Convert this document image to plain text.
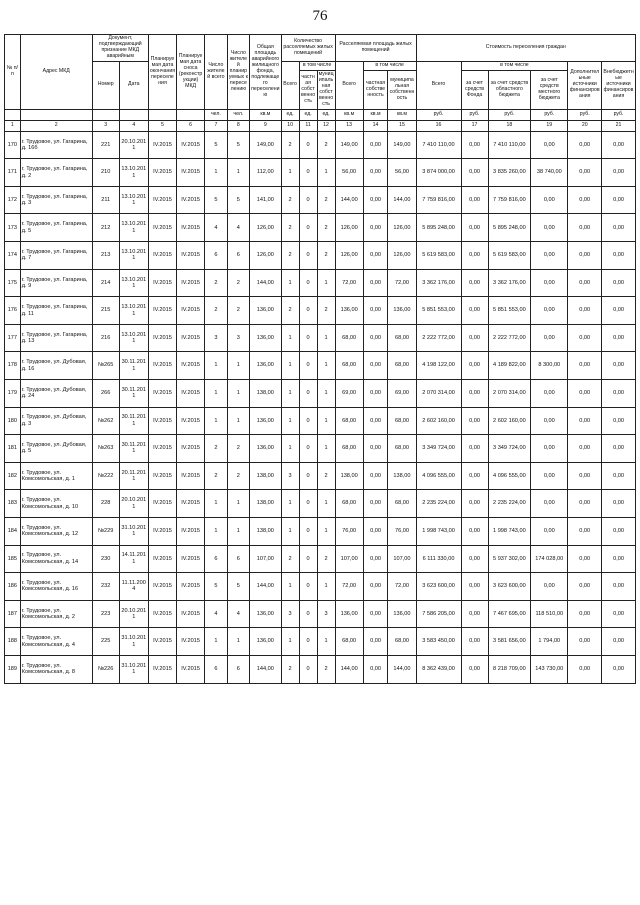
76
№ п/п	Адрес МКД	Документ, подтверждающий признание МКД аварийным		Планируемая дата окончания переселения	Планируемая дата сноса (реконструкции) МКД	Число жителей всего	Число жителей планируемых к переселению	Общая площадь аварийного жилищного фонда, подлежащего переселению	Количество расселяемых жилых помещений			Расселяемая площадь жилых помещений			Стоимость переселения граждан					
		Номер	Дата						Всего	в том числе		Всего	в том числе		Всего	в том числе			Дополнительные источники финансирования	Внебюджетные источники финансирования
										частная собственность	муниципальная собственность		частная собственность	муниципальная собственность		за счет средств Фонда	за счет средств областного бюджета	за счет средств местного бюджета		
						чел.	чел.	кв.м	ед.	ед.	ед.	кв.м	кв.м	кв.м	руб.	руб.	руб.	руб.	руб.	руб.
1	2	3	4	5	6	7	8	9	10	11	12	13	14	15	16	17	18	19	20	21
170	г. Трудовое, ул. Гагарина, д. 16б	221	20.10.2011	IV.2015	IV.2015	5	5	149,00	2	0	2	149,00	0,00	149,00	7 410 110,00	0,00	7 410 110,00	0,00	0,00	0,00
171	г. Трудовое, ул. Гагарина, д. 2	210	13.10.2011	IV.2015	IV.2015	1	1	112,00	1	0	1	56,00	0,00	56,00	3 874 000,00	0,00	3 835 260,00	38 740,00	0,00	0,00
172	г. Трудовое, ул. Гагарина, д. 3	211	13.10.2011	IV.2015	IV.2015	5	5	141,00	2	0	2	144,00	0,00	144,00	7 759 816,00	0,00	7 759 816,00	0,00	0,00	0,00
173	г. Трудовое, ул. Гагарина, д. 5	212	13.10.2011	IV.2015	IV.2015	4	4	126,00	2	0	2	126,00	0,00	126,00	5 895 248,00	0,00	5 895 248,00	0,00	0,00	0,00
174	г. Трудовое, ул. Гагарина, д. 7	213	13.10.2011	IV.2015	IV.2015	6	6	126,00	2	0	2	126,00	0,00	126,00	5 619 583,00	0,00	5 619 583,00	0,00	0,00	0,00
175	г. Трудовое, ул. Гагарина, д. 9	214	13.10.2011	IV.2015	IV.2015	2	2	144,00	1	0	1	72,00	0,00	72,00	3 362 176,00	0,00	3 362 176,00	0,00	0,00	0,00
176	г. Трудовое, ул. Гагарина, д. 11	215	13.10.2011	IV.2015	IV.2015	2	2	136,00	2	0	2	136,00	0,00	136,00	5 851 553,00	0,00	5 851 553,00	0,00	0,00	0,00
177	г. Трудовое, ул. Гагарина, д. 13	216	13.10.2011	IV.2015	IV.2015	3	3	136,00	1	0	1	68,00	0,00	68,00	2 222 772,00	0,00	2 222 772,00	0,00	0,00	0,00
178	г. Трудовое, ул. Дубовая, д. 16	№265	30.11.2011	IV.2015	IV.2015	1	1	136,00	1	0	1	68,00	0,00	68,00	4 198 122,00	0,00	4 189 822,00	8 300,00	0,00	0,00
179	г. Трудовое, ул. Дубовая, д. 24	266	30.11.2011	IV.2015	IV.2015	1	1	138,00	1	0	1	69,00	0,00	69,00	2 070 314,00	0,00	2 070 314,00	0,00	0,00	0,00
180	г. Трудовое, ул. Дубовая, д. 3	№262	30.11.2011	IV.2015	IV.2015	1	1	136,00	1	0	1	68,00	0,00	68,00	2 602 160,00	0,00	2 602 160,00	0,00	0,00	0,00
181	г. Трудовое, ул. Дубовая, д. 5	№263	30.11.2011	IV.2015	IV.2015	2	2	136,00	1	0	1	68,00	0,00	68,00	3 349 724,00	0,00	3 349 724,00	0,00	0,00	0,00
182	г. Трудовое, ул. Комсомольская, д. 1	№222	20.11.2011	IV.2015	IV.2015	2	2	138,00	3	0	2	138,00	0,00	138,00	4 096 555,00	0,00	4 096 555,00	0,00	0,00	0,00
183	г. Трудовое, ул. Комсомольская, д. 10	228	20.10.2011	IV.2015	IV.2015	1	1	138,00	1	0	1	68,00	0,00	68,00	2 235 224,00	0,00	2 235 224,00	0,00	0,00	0,00
184	г. Трудовое, ул. Комсомольская, д. 12	№229	31.10.2011	IV.2015	IV.2015	1	1	138,00	1	0	1	76,00	0,00	76,00	1 998 743,00	0,00	1 998 743,00	0,00	0,00	0,00
185	г. Трудовое, ул. Комсомольская, д. 14	230	14.11.2011	IV.2015	IV.2015	6	6	107,00	2	0	2	107,00	0,00	107,00	6 111 330,00	0,00	5 937 302,00	174 028,00	0,00	0,00
186	г. Трудовое, ул. Комсомольская, д. 16	232	11.11.2004	IV.2015	IV.2015	5	5	144,00	1	0	1	72,00	0,00	72,00	3 623 600,00	0,00	3 623 600,00	0,00	0,00	0,00
187	г. Трудовое, ул. Комсомольская, д. 2	223	20.10.2011	IV.2015	IV.2015	4	4	136,00	3	0	3	136,00	0,00	136,00	7 586 205,00	0,00	7 467 695,00	118 510,00	0,00	0,00
188	г. Трудовое, ул. Комсомольская, д. 4	225	31.10.2011	IV.2015	IV.2015	1	1	136,00	1	0	1	68,00	0,00	68,00	3 583 450,00	0,00	3 581 656,00	1 794,00	0,00	0,00
189	г. Трудовое, ул. Комсомольская, д. 8	№226	31.10.2011	IV.2015	IV.2015	6	6	144,00	2	0	2	144,00	0,00	144,00	8 362 439,00	0,00	8 218 709,00	143 730,00	0,00	0,00
